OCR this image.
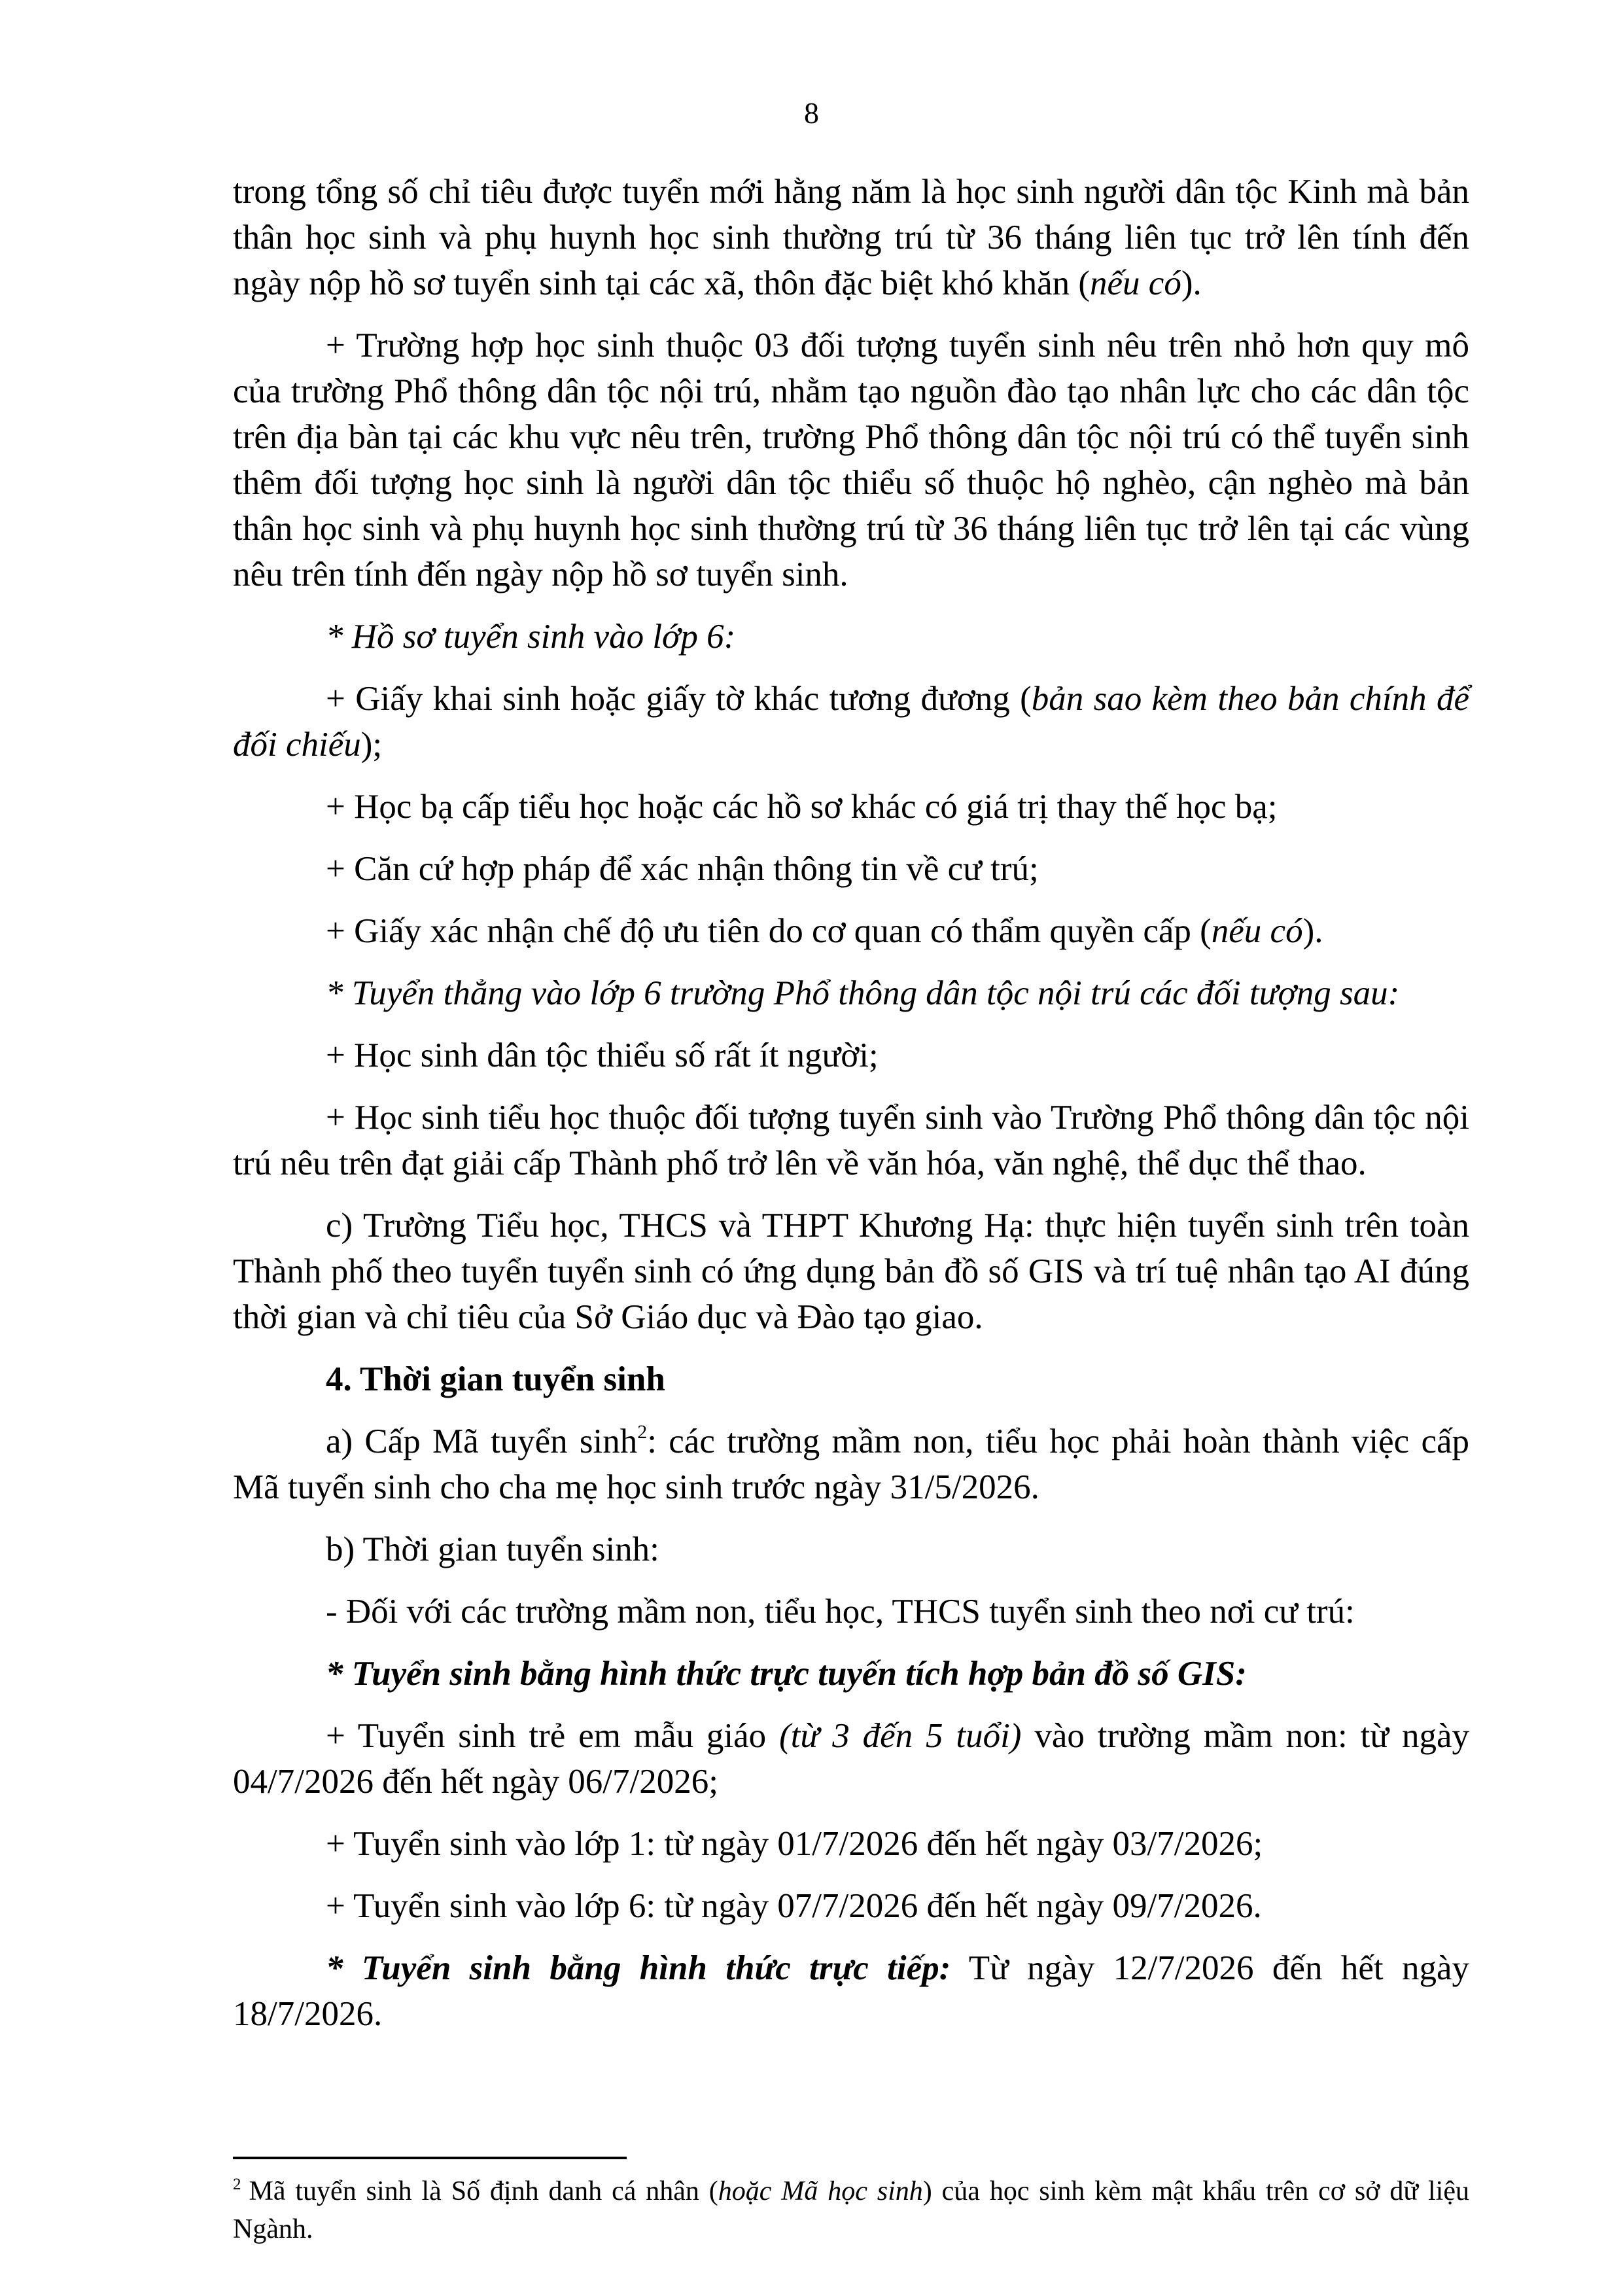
8

trong tổng số chỉ tiêu được tuyển mới hằng năm là học sinh người dân tộc Kinh mà bản thân học sinh và phụ huynh học sinh thường trú từ 36 tháng liên tục trở lên tính đến ngày nộp hồ sơ tuyển sinh tại các xã, thôn đặc biệt khó khăn (nếu có).

+ Trường hợp học sinh thuộc 03 đối tượng tuyển sinh nêu trên nhỏ hơn quy mô của trường Phổ thông dân tộc nội trú, nhằm tạo nguồn đào tạo nhân lực cho các dân tộc trên địa bàn tại các khu vực nêu trên, trường Phổ thông dân tộc nội trú có thể tuyển sinh thêm đối tượng học sinh là người dân tộc thiểu số thuộc hộ nghèo, cận nghèo mà bản thân học sinh và phụ huynh học sinh thường trú từ 36 tháng liên tục trở lên tại các vùng nêu trên tính đến ngày nộp hồ sơ tuyển sinh.

* Hồ sơ tuyển sinh vào lớp 6:

+ Giấy khai sinh hoặc giấy tờ khác tương đương (bản sao kèm theo bản chính để đối chiếu);

+ Học bạ cấp tiểu học hoặc các hồ sơ khác có giá trị thay thế học bạ;

+ Căn cứ hợp pháp để xác nhận thông tin về cư trú;

+ Giấy xác nhận chế độ ưu tiên do cơ quan có thẩm quyền cấp (nếu có).

* Tuyển thẳng vào lớp 6 trường Phổ thông dân tộc nội trú các đối tượng sau:

+ Học sinh dân tộc thiểu số rất ít người;

+ Học sinh tiểu học thuộc đối tượng tuyển sinh vào Trường Phổ thông dân tộc nội trú nêu trên đạt giải cấp Thành phố trở lên về văn hóa, văn nghệ, thể dục thể thao.

c) Trường Tiểu học, THCS và THPT Khương Hạ: thực hiện tuyển sinh trên toàn Thành phố theo tuyển tuyển sinh có ứng dụng bản đồ số GIS và trí tuệ nhân tạo AI đúng thời gian và chỉ tiêu của Sở Giáo dục và Đào tạo giao.

4. Thời gian tuyển sinh

a) Cấp Mã tuyển sinh$^2$: các trường mầm non, tiểu học phải hoàn thành việc cấp Mã tuyển sinh cho cha mẹ học sinh trước ngày 31/5/2026.

b) Thời gian tuyển sinh:

- Đối với các trường mầm non, tiểu học, THCS tuyển sinh theo nơi cư trú:

* Tuyển sinh bằng hình thức trực tuyến tích hợp bản đồ số GIS:

+ Tuyển sinh trẻ em mẫu giáo (từ 3 đến 5 tuổi) vào trường mầm non: từ ngày 04/7/2026 đến hết ngày 06/7/2026;

+ Tuyển sinh vào lớp 1: từ ngày 01/7/2026 đến hết ngày 03/7/2026;

+ Tuyển sinh vào lớp 6: từ ngày 07/7/2026 đến hết ngày 09/7/2026.

* Tuyển sinh bằng hình thức trực tiếp: Từ ngày 12/7/2026 đến hết ngày 18/7/2026.

$^2$ Mã tuyển sinh là Số định danh cá nhân (hoặc Mã học sinh) của học sinh kèm mật khẩu trên cơ sở dữ liệu Ngành.
